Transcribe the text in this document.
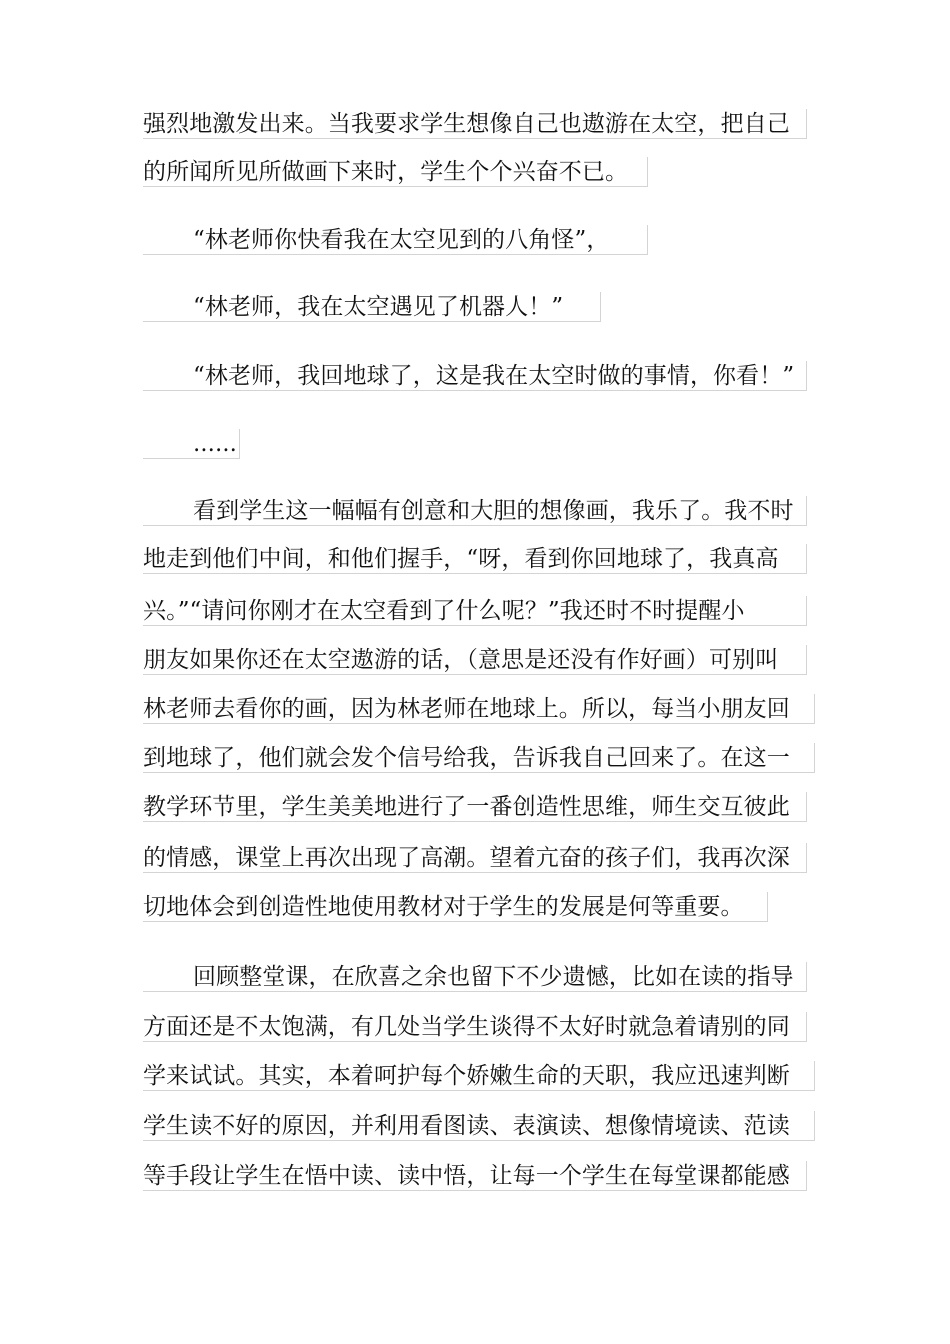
强烈地激发出来。当我要求学生想像自己也遨游在太空，把自己
的所闻所见所做画下来时，学生个个兴奋不已。
“林老师你快看我在太空见到的八角怪”，
“林老师，我在太空遇见了机器人！”
“林老师，我回地球了，这是我在太空时做的事情，你看！”
……
看到学生这一幅幅有创意和大胆的想像画，我乐了。我不时
地走到他们中间，和他们握手，“呀，看到你回地球了，我真高
兴。”“请问你刚才在太空看到了什么呢？”我还时不时提醒小
朋友如果你还在太空遨游的话，（意思是还没有作好画）可别叫
林老师去看你的画，因为林老师在地球上。所以，每当小朋友回
到地球了，他们就会发个信号给我，告诉我自己回来了。在这一
教学环节里，学生美美地进行了一番创造性思维，师生交互彼此
的情感，课堂上再次出现了高潮。望着亢奋的孩子们，我再次深
切地体会到创造性地使用教材对于学生的发展是何等重要。
回顾整堂课，在欣喜之余也留下不少遗憾，比如在读的指导
方面还是不太饱满，有几处当学生谈得不太好时就急着请别的同
学来试试。其实，本着呵护每个娇嫩生命的天职，我应迅速判断
学生读不好的原因，并利用看图读、表演读、想像情境读、范读
等手段让学生在悟中读、读中悟，让每一个学生在每堂课都能感
